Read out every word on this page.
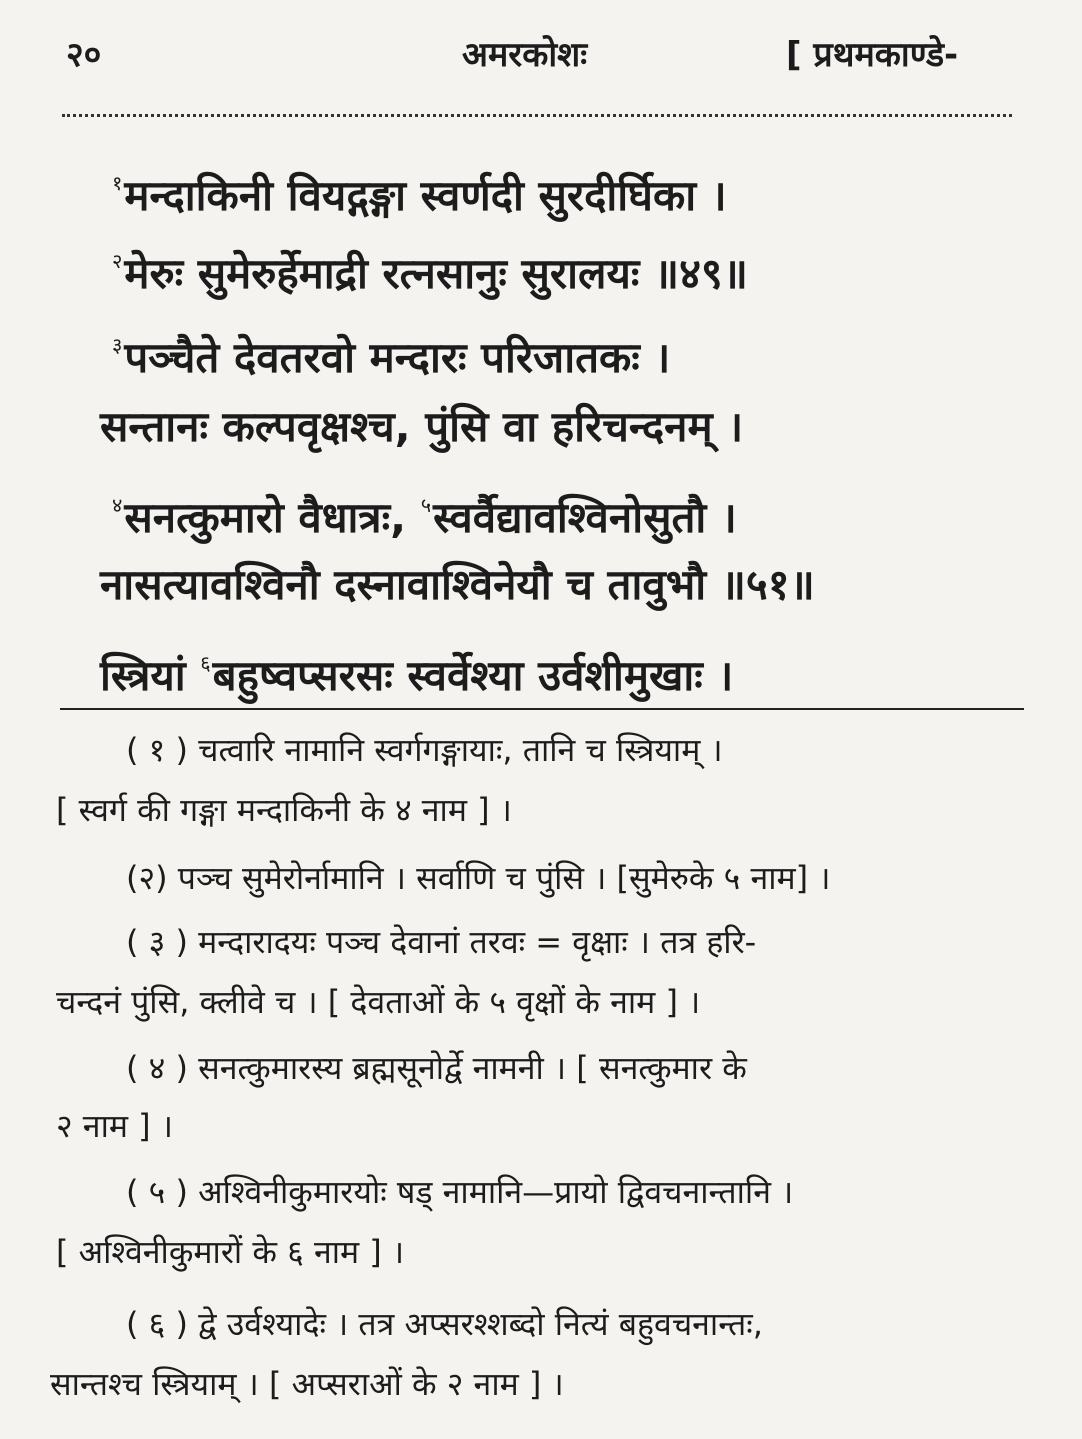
२०	अमरकोशः	[ प्रथमकाण्डे-
$^१$मन्दाकिनी वियद्गङ्गा स्वर्णदी सुरदीर्घिका ।
$^२$मेरुः सुमेरुर्हेमाद्री रत्नसानुः सुरालयः ॥४९॥
$^३$पञ्चैते देवतरवो मन्दारः परिजातकः ।
सन्तानः कल्पवृक्षश्च, पुंसि वा हरिचन्दनम् ।
$^४$सनत्कुमारो वैधात्रः, $^५$स्वर्वैद्यावश्विनोसुतौ ।
नासत्यावश्विनौ दस्नावाश्विनेयौ च तावुभौ ॥५१॥
स्त्रियां $^६$बहुष्वप्सरसः स्वर्वेश्या उर्वशीमुखाः ।
( १ ) चत्वारि नामानि स्वर्गगङ्गायाः, तानि च स्त्रियाम् ।
[ स्वर्ग की गङ्गा मन्दाकिनी के ४ नाम ] ।
(२) पञ्च सुमेरोर्नामानि । सर्वाणि च पुंसि । [सुमेरुके ५ नाम] ।
( ३ ) मन्दारादयः पञ्च देवानां तरवः = वृक्षाः । तत्र हरि-
चन्दनं पुंसि, क्लीवे च । [ देवताओं के ५ वृक्षों के नाम ] ।
( ४ ) सनत्कुमारस्य ब्रह्मसूनोर्द्वे नामनी । [ सनत्कुमार के
२ नाम ] ।
( ५ ) अश्विनीकुमारयोः षड् नामानि—प्रायो द्विवचनान्तानि ।
[ अश्विनीकुमारों के ६ नाम ] ।
( ६ ) द्वे उर्वश्यादेः । तत्र अप्सरश्शब्दो नित्यं बहुवचनान्तः,
सान्तश्च स्त्रियाम् । [ अप्सराओं के २ नाम ] ।
